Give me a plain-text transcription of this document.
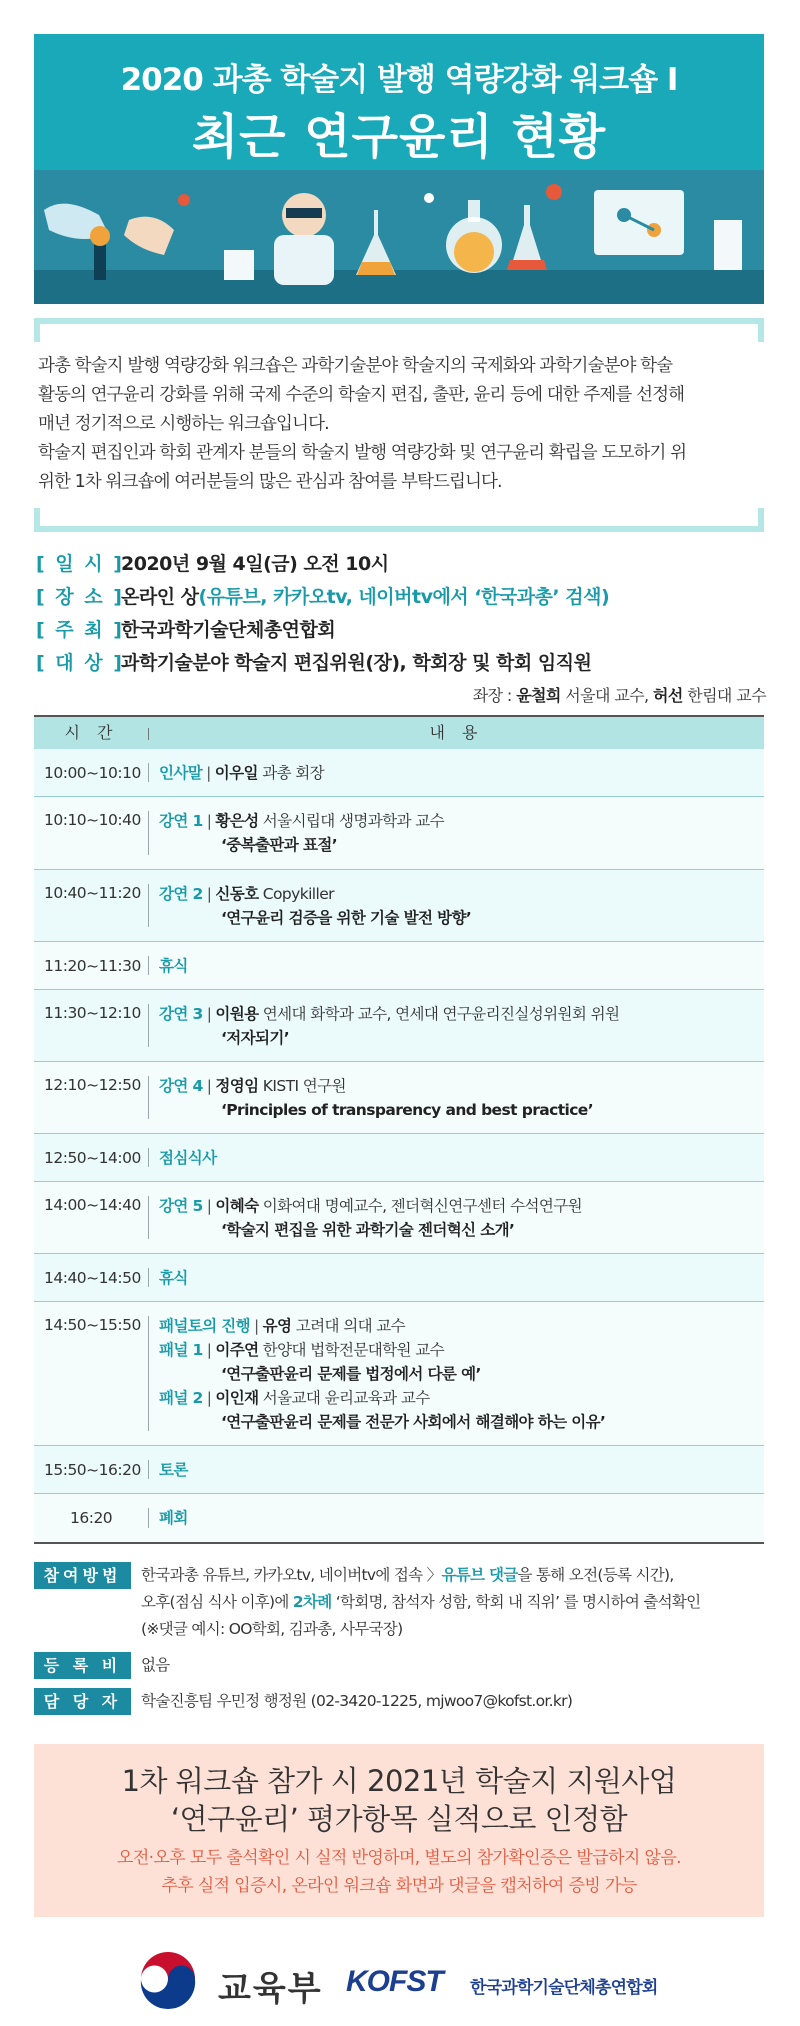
2020 과총 학술지 발행 역량강화 워크숍 Ⅰ
최근 연구윤리 현황
과총 학술지 발행 역량강화 워크숍은 과학기술분야 학술지의 국제화와 과학기술분야 학술
활동의 연구윤리 강화를 위해 국제 수준의 학술지 편집, 출판, 윤리 등에 대한 주제를 선정해
매년 정기적으로 시행하는 워크숍입니다.
학술지 편집인과 학회 관계자 분들의 학술지 발행 역량강화 및 연구윤리 확립을 도모하기 위
위한 1차 워크숍에 여러분들의 많은 관심과 참여를 부탁드립니다.
[ 일 시 ]2020년 9월 4일(금) 오전 10시
[ 장 소 ]온라인 상(유튜브, 카카오tv, 네이버tv에서 ‘한국과총’ 검색)
[ 주 최 ]한국과학기술단체총연합회
[ 대 상 ]과학기술분야 학술지 편집위원(장), 학회장 및 학회 임직원
좌장 : 윤철희 서울대 교수, 허선 한림대 교수
시 간	내 용
10:00~10:10	인사말 | 이우일 과총 회장
10:10~10:40	강연 1 | 황은성 서울시립대 생명과학과 교수
‘중복출판과 표절’
10:40~11:20	강연 2 | 신동호 Copykiller
‘연구윤리 검증을 위한 기술 발전 방향’
11:20~11:30	휴식
11:30~12:10	강연 3 | 이원용 연세대 화학과 교수, 연세대 연구윤리진실성위원회 위원
‘저자되기’
12:10~12:50	강연 4 | 정영임 KISTI 연구원
‘Principles of transparency and best practice’
12:50~14:00	점심식사
14:00~14:40	강연 5 | 이혜숙 이화여대 명예교수, 젠더혁신연구센터 수석연구원
‘학술지 편집을 위한 과학기술 젠더혁신 소개’
14:40~14:50	휴식
14:50~15:50	패널토의 진행 | 유영 고려대 의대 교수
패널 1 | 이주연 한양대 법학전문대학원 교수
‘연구출판윤리 문제를 법정에서 다룬 예’
패널 2 | 이인재 서울교대 윤리교육과 교수
‘연구출판윤리 문제를 전문가 사회에서 해결해야 하는 이유’
15:50~16:20	토론
16:20	폐회
참여방법	한국과총 유튜브, 카카오tv, 네이버tv에 접속 〉유튜브 댓글을 통해 오전(등록 시간),
오후(점심 식사 이후)에 2차례 ‘학회명, 참석자 성함, 학회 내 직위’ 를 명시하여 출석확인
(※댓글 예시: OO학회, 김과총, 사무국장)
등 록 비	없음
담 당 자	학술진흥팀 우민정 행정원 (02-3420-1225, mjwoo7@kofst.or.kr)
1차 워크숍 참가 시 2021년 학술지 지원사업
‘연구윤리’ 평가항목 실적으로 인정함
오전·오후 모두 출석확인 시 실적 반영하며, 별도의 참가확인증은 발급하지 않음.
추후 실적 입증시, 온라인 워크숍 화면과 댓글을 캡처하여 증빙 가능
교육부 KOFST 한국과학기술단체총연합회
